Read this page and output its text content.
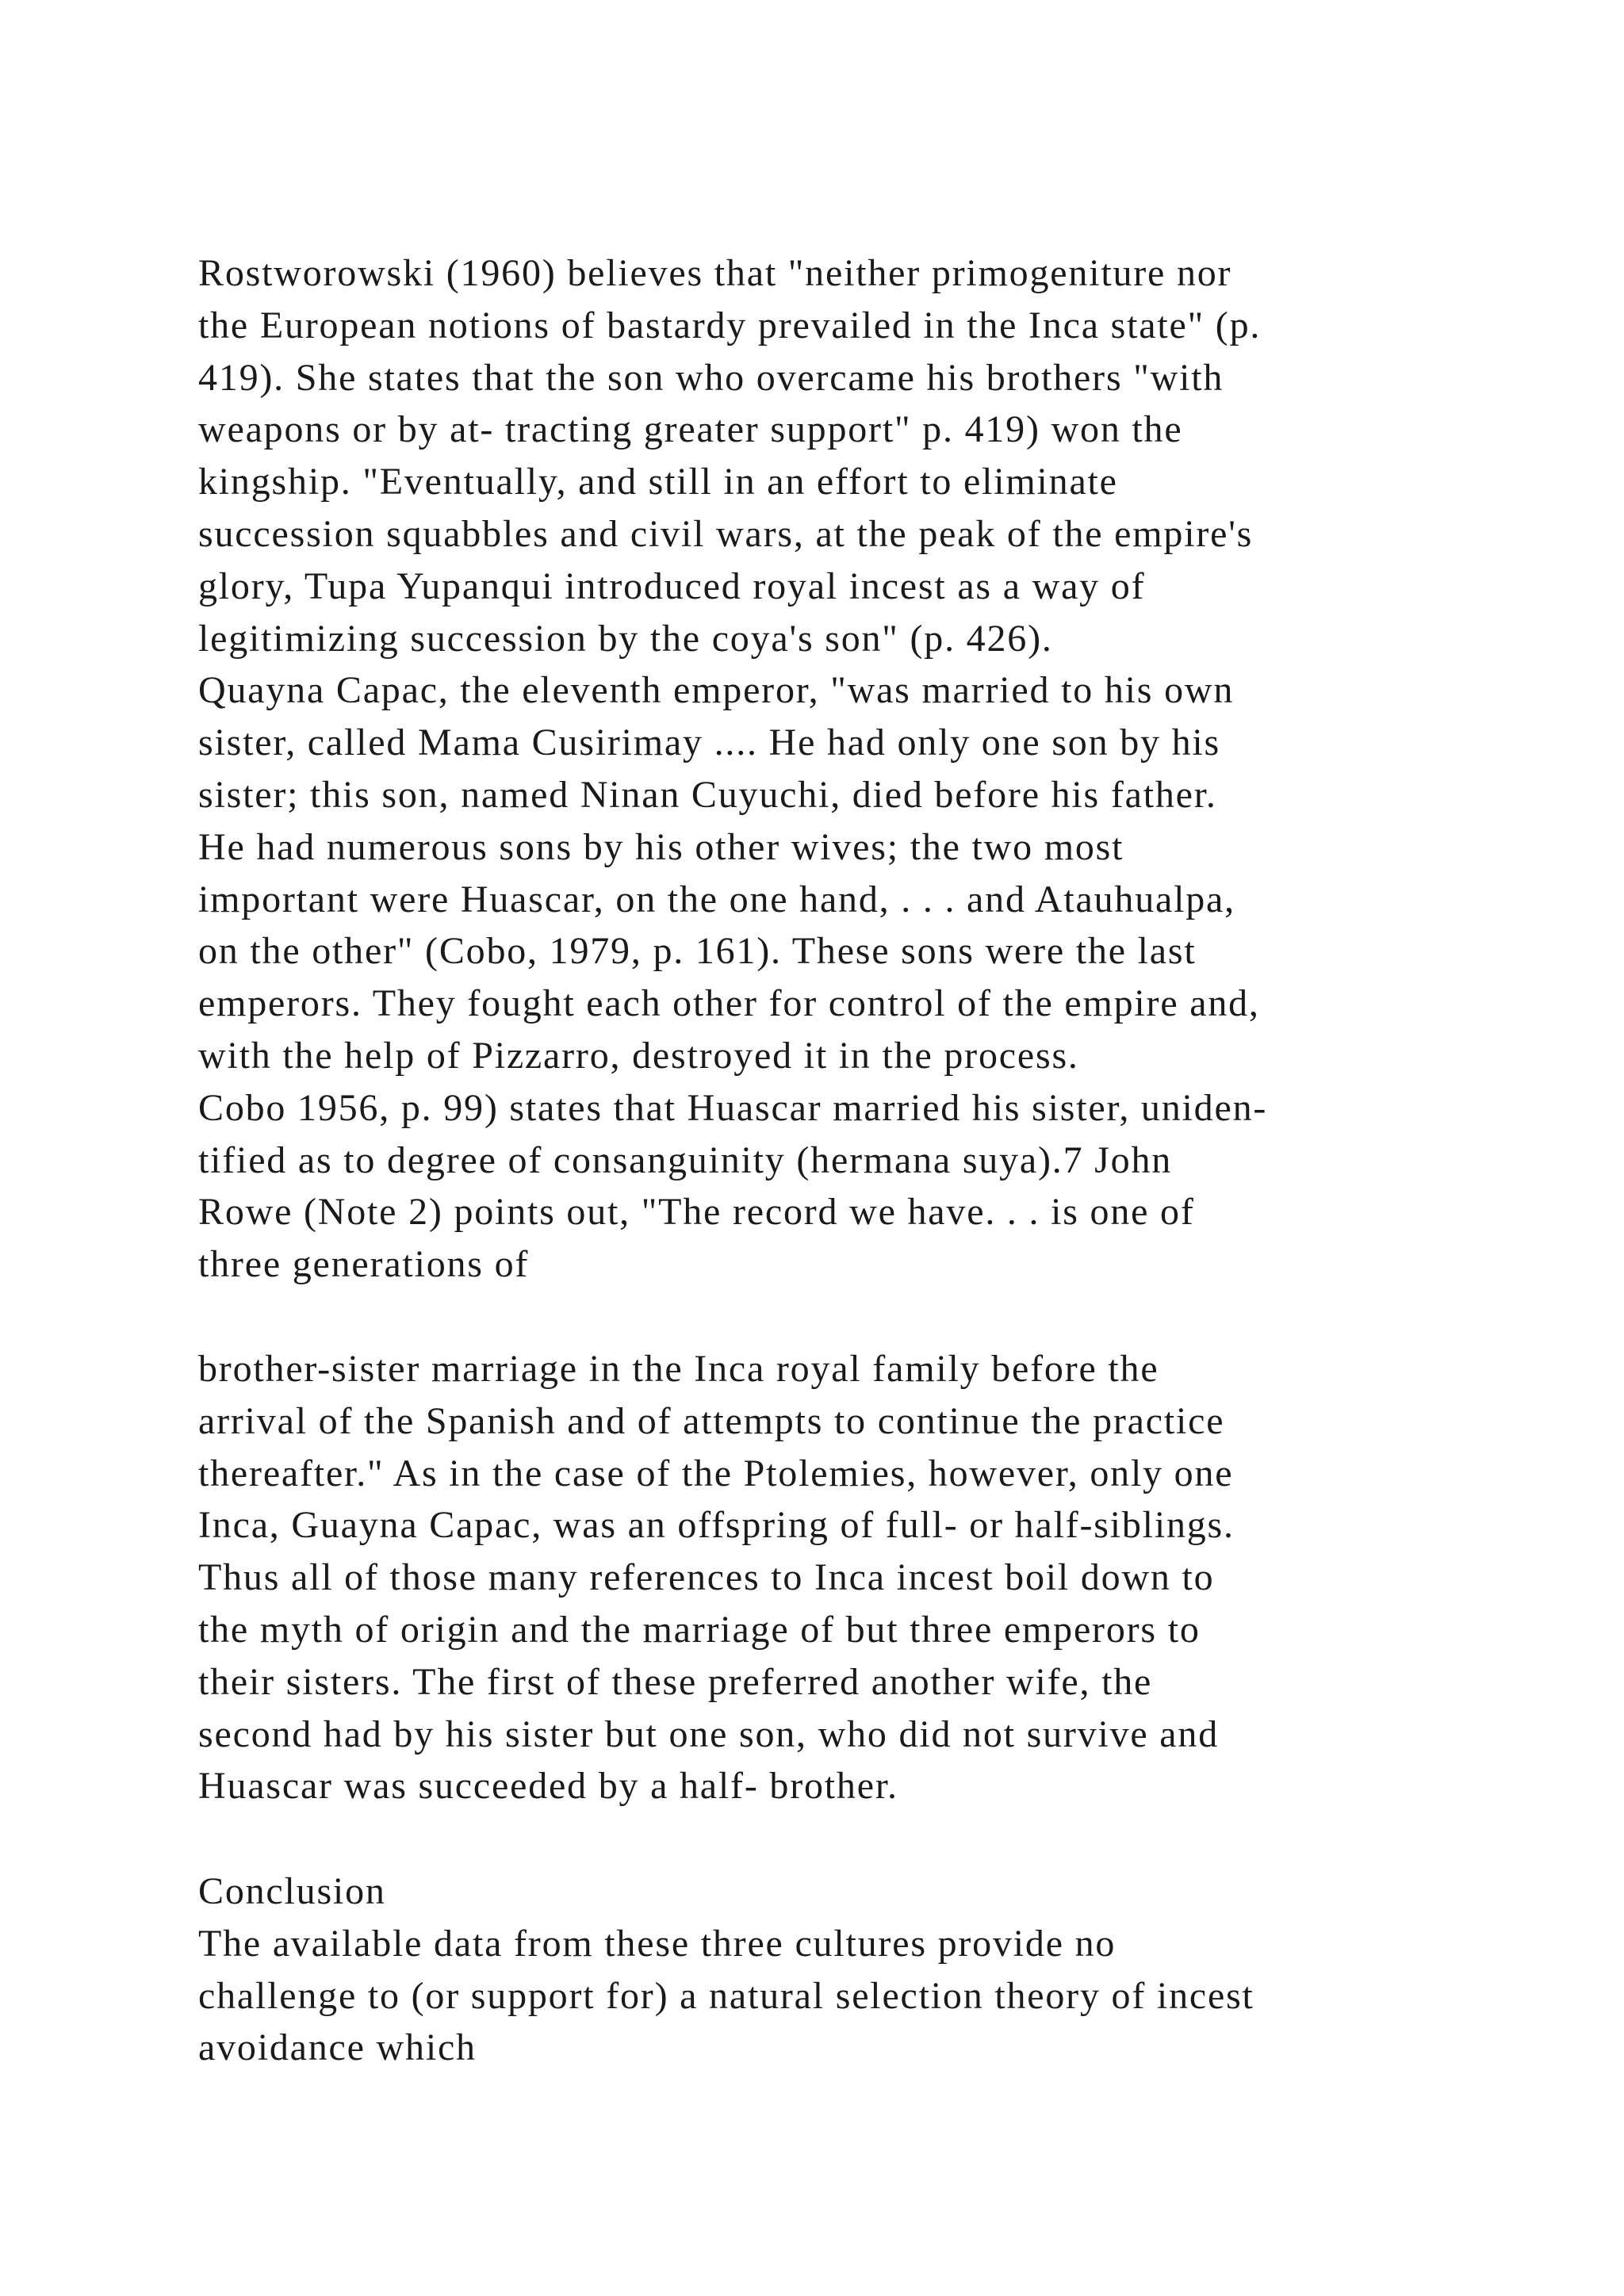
Rostworowski (1960) believes that "neither primogeniture nor
the European notions of bastardy prevailed in the Inca state" (p.
419). She states that the son who overcame his brothers "with
weapons or by at- tracting greater support" p. 419) won the
kingship. "Eventually, and still in an effort to eliminate
succession squabbles and civil wars, at the peak of the empire's
glory, Tupa Yupanqui introduced royal incest as a way of
legitimizing succession by the coya's son" (p. 426).
Quayna Capac, the eleventh emperor, "was married to his own
sister, called Mama Cusirimay .... He had only one son by his
sister; this son, named Ninan Cuyuchi, died before his father.
He had numerous sons by his other wives; the two most
important were Huascar, on the one hand, . . . and Atauhualpa,
on the other" (Cobo, 1979, p. 161). These sons were the last
emperors. They fought each other for control of the empire and,
with the help of Pizzarro, destroyed it in the process.
Cobo 1956, p. 99) states that Huascar married his sister, uniden-
tified as to degree of consanguinity (hermana suya).7 John
Rowe (Note 2) points out, "The record we have. . . is one of
three generations of
brother-sister marriage in the Inca royal family before the
arrival of the Spanish and of attempts to continue the practice
thereafter." As in the case of the Ptolemies, however, only one
Inca, Guayna Capac, was an offspring of full- or half-siblings.
Thus all of those many references to Inca incest boil down to
the myth of origin and the marriage of but three emperors to
their sisters. The first of these preferred another wife, the
second had by his sister but one son, who did not survive and
Huascar was succeeded by a half- brother.
Conclusion
The available data from these three cultures provide no
challenge to (or support for) a natural selection theory of incest
avoidance which
